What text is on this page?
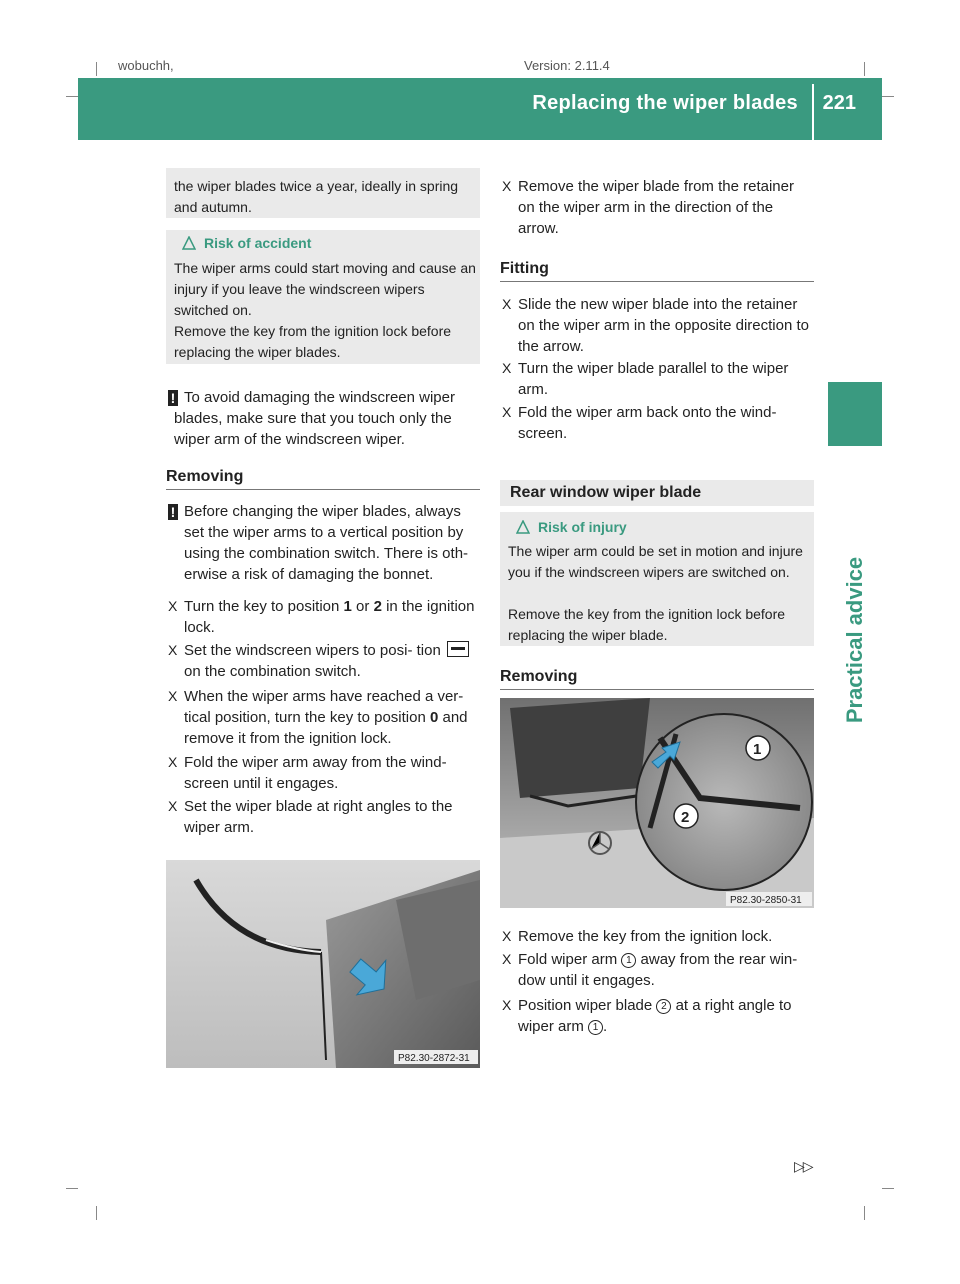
wobuchh,	Version: 2.11.4
Replacing the wiper blades 221
Practical advice
the wiper blades twice a year, ideally in spring and autumn.
Risk of accident
The wiper arms could start moving and cause an injury if you leave the windscreen wipers switched on.
Remove the key from the ignition lock before replacing the wiper blades.
! To avoid damaging the windscreen wiper blades, make sure that you touch only the wiper arm of the windscreen wiper.
Removing
! Before changing the wiper blades, always set the wiper arms to a vertical position by using the combination switch. There is oth- erwise a risk of damaging the bonnet.
X Turn the key to position 1 or 2 in the ignition lock.
X Set the windscreen wipers to posi- tion
on the combination switch.
X When the wiper arms have reached a ver- tical position, turn the key to position 0 and remove it from the ignition lock.
X Fold the wiper arm away from the wind- screen until it engages.
X Set the wiper blade at right angles to the wiper arm.
P82.30-2872-31
X Remove the wiper blade from the retainer on the wiper arm in the direction of the arrow.
Fitting
X Slide the new wiper blade into the retainer on the wiper arm in the opposite direction to the arrow.
X Turn the wiper blade parallel to the wiper arm.
X Fold the wiper arm back onto the wind- screen.
Rear window wiper blade
Risk of injury
The wiper arm could be set in motion and injure you if the windscreen wipers are switched on.
Remove the key from the ignition lock before replacing the wiper blade.
Removing
1
2
P82.30-2850-31
X Remove the key from the ignition lock.
X Fold wiper arm 1 away from the rear win- dow until it engages.
X Position wiper blade 2 at a right angle to wiper arm 1 .
▷▷
